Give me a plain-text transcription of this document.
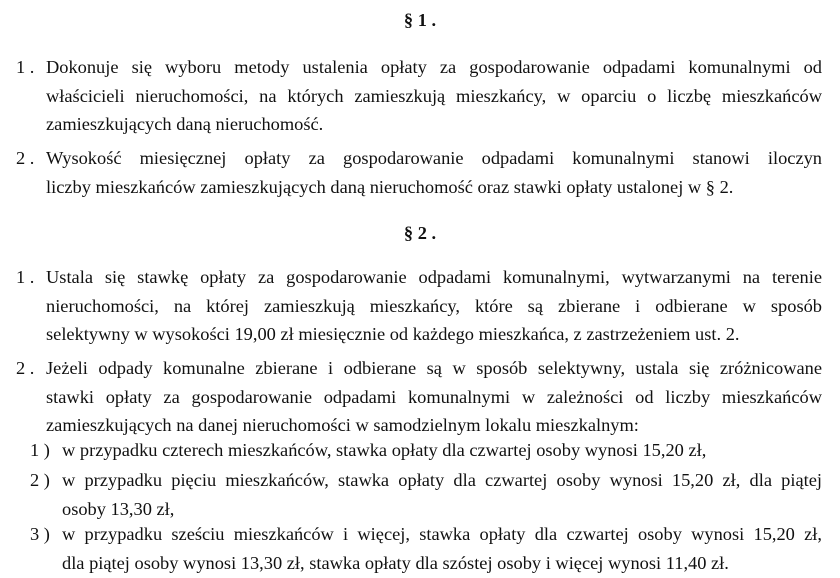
§ 1 .
1 . Dokonuje się wyboru metody ustalenia opłaty za gospodarowanie odpadami komunalnymi od
właścicieli nieruchomości, na których zamieszkują mieszkańcy, w oparciu o liczbę mieszkańców
zamieszkujących daną nieruchomość.
2 . Wysokość miesięcznej opłaty za gospodarowanie odpadami komunalnymi stanowi iloczyn
liczby mieszkańców zamieszkujących daną nieruchomość oraz stawki opłaty ustalonej w § 2.
§ 2 .
1 . Ustala się stawkę opłaty za gospodarowanie odpadami komunalnymi, wytwarzanymi na terenie
nieruchomości, na której zamieszkują mieszkańcy, które są zbierane i odbierane w sposób
selektywny w wysokości 19,00 zł miesięcznie od każdego mieszkańca, z zastrzeżeniem ust. 2.
2 . Jeżeli odpady komunalne zbierane i odbierane są w sposób selektywny, ustala się zróżnicowane
stawki opłaty za gospodarowanie odpadami komunalnymi w zależności od liczby mieszkańców
zamieszkujących na danej nieruchomości w samodzielnym lokalu mieszkalnym:
1 ) w przypadku czterech mieszkańców, stawka opłaty dla czwartej osoby wynosi 15,20 zł,
2 ) w przypadku pięciu mieszkańców, stawka opłaty dla czwartej osoby wynosi 15,20 zł, dla piątej
osoby 13,30 zł,
3 ) w przypadku sześciu mieszkańców i więcej, stawka opłaty dla czwartej osoby wynosi 15,20 zł,
dla piątej osoby wynosi 13,30 zł, stawka opłaty dla szóstej osoby i więcej wynosi 11,40 zł.
